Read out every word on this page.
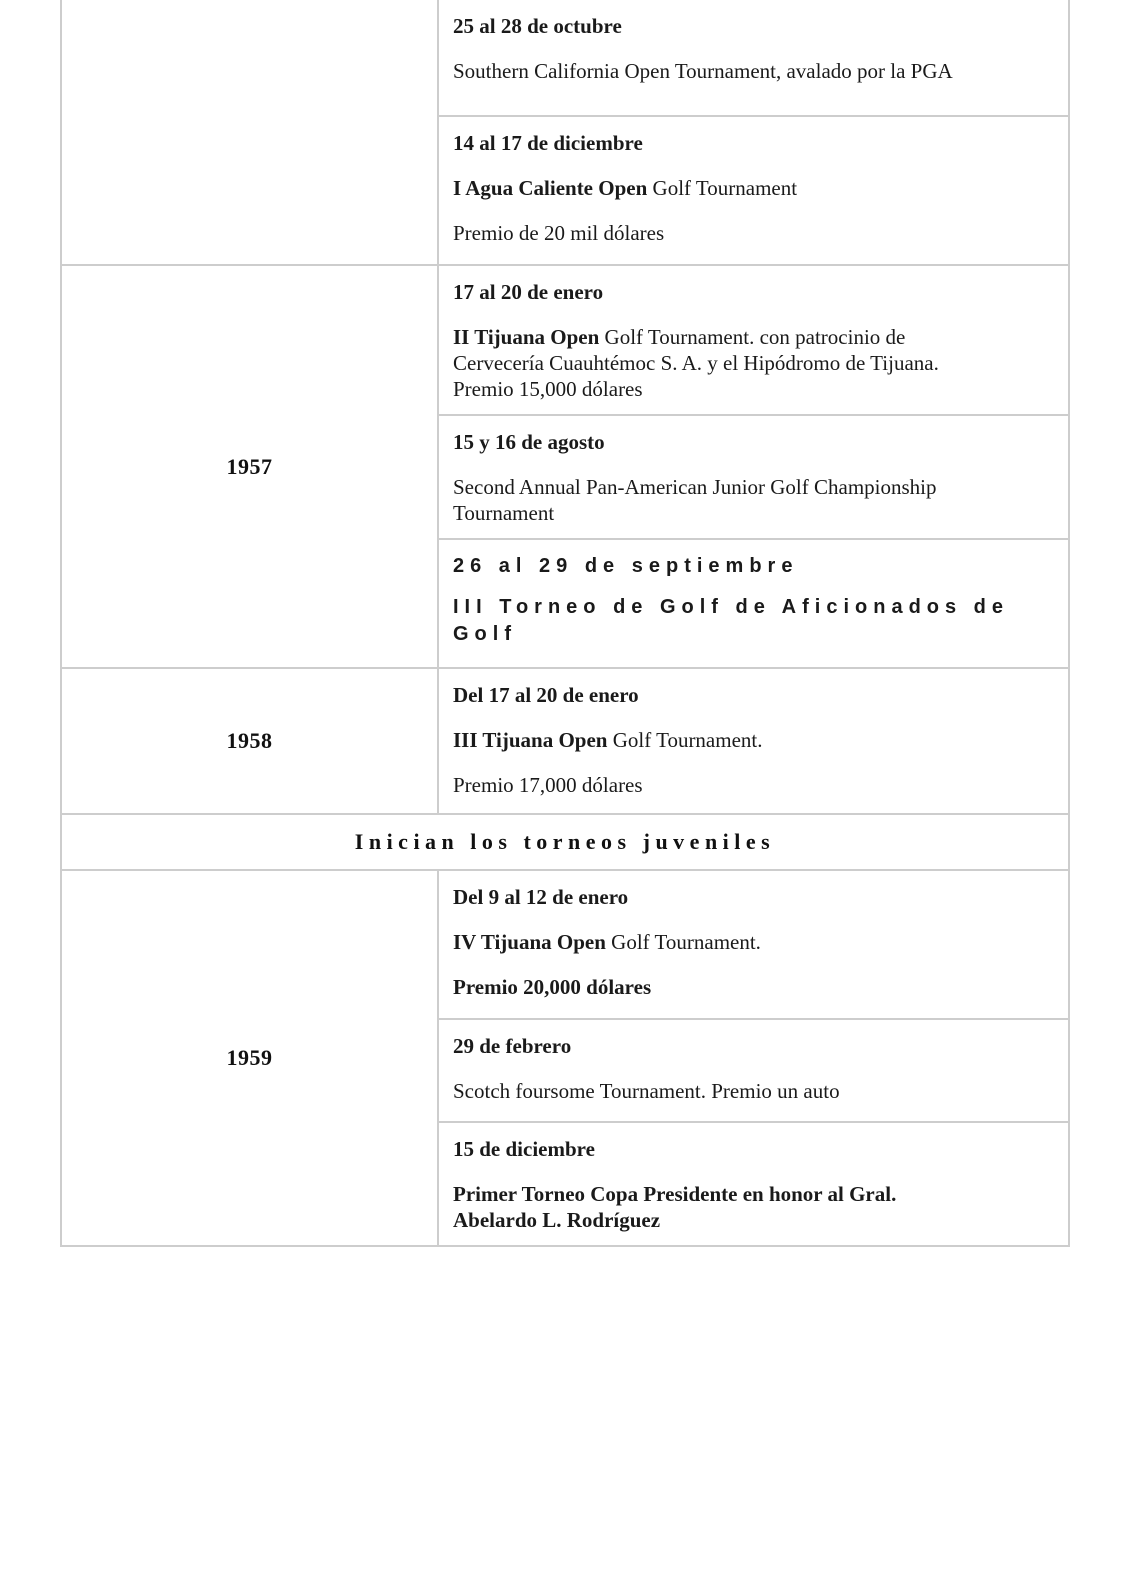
	25 al 28 de octubre

Southern California Open Tournament, avalado por la PGA

	14 al 17 de diciembre

I Agua Caliente Open Golf Tournament

Premio de 20 mil dólares

1957	17 al 20 de enero

II Tijuana Open Golf Tournament. con patrocinio de Cervecería Cuauhtémoc S. A. y el Hipódromo de Tijuana. Premio 15,000 dólares

	15 y 16 de agosto

Second Annual Pan-American Junior Golf Championship Tournament

	26 al 29 de septiembre

III Torneo de Golf de Aficionados de Golf

1958	Del 17 al 20 de enero

III Tijuana Open Golf Tournament.

Premio 17,000 dólares

Inician los torneos juveniles	
1959	Del 9 al 12 de enero

IV Tijuana Open Golf Tournament.

Premio 20,000 dólares

	29 de febrero

Scotch foursome Tournament. Premio un auto

	15 de diciembre

Primer Torneo Copa Presidente en honor al Gral. Abelardo L. Rodríguez
